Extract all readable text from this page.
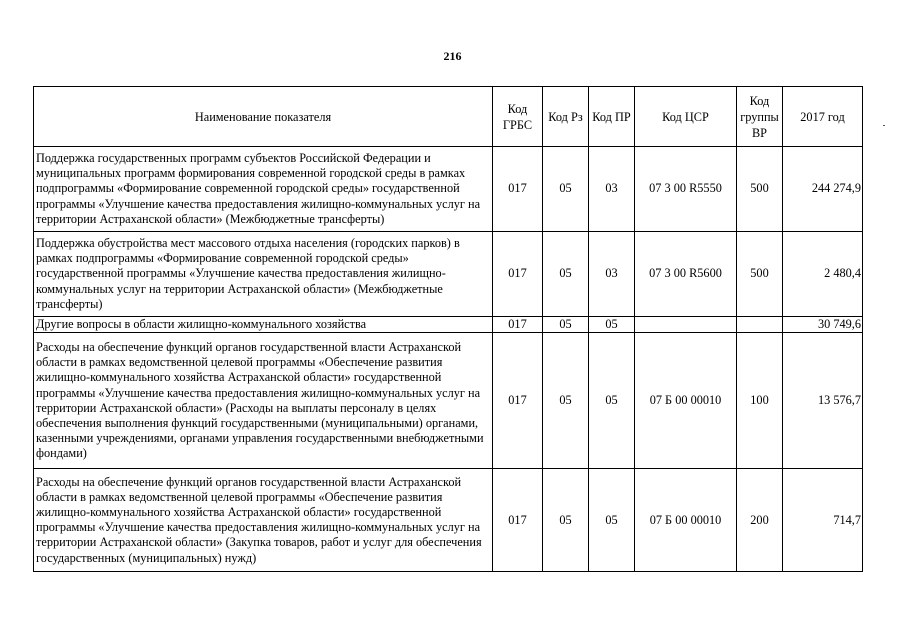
216
Наименование показателя	Код ГРБС	Код Рз	Код ПР	Код ЦСР	Код группы ВР	2017 год
Поддержка государственных программ субъектов Российской Федерации и муниципальных программ формирования современной городской среды в рамках подпрограммы «Формирование современной городской среды» государственной программы «Улучшение качества предоставления жилищно-коммунальных услуг на территории Астраханской области» (Межбюджетные трансферты)	017	05	03	07 3 00 R5550	500	244 274,9
Поддержка обустройства мест массового отдыха населения (городских парков) в рамках подпрограммы «Формирование современной городской среды» государственной программы «Улучшение качества предоставления жилищно-коммунальных услуг на территории Астраханской области» (Межбюджетные трансферты)	017	05	03	07 3 00 R5600	500	2 480,4
Другие вопросы в области жилищно-коммунального хозяйства	017	05	05			30 749,6
Расходы на обеспечение функций органов государственной власти Астраханской области в рамках ведомственной целевой программы «Обеспечение развития жилищно-коммунального хозяйства Астраханской области» государственной программы «Улучшение качества предоставления жилищно-коммунальных услуг на территории Астраханской области» (Расходы на выплаты персоналу в целях обеспечения выполнения функций государственными (муниципальными) органами, казенными учреждениями, органами управления государственными внебюджетными фондами)	017	05	05	07 Б 00 00010	100	13 576,7
Расходы на обеспечение функций органов государственной власти Астраханской области в рамках ведомственной целевой программы «Обеспечение развития жилищно-коммунального хозяйства Астраханской области» государственной программы «Улучшение качества предоставления жилищно-коммунальных услуг на территории Астраханской области» (Закупка товаров, работ и услуг для обеспечения государственных (муниципальных) нужд)	017	05	05	07 Б 00 00010	200	714,7
